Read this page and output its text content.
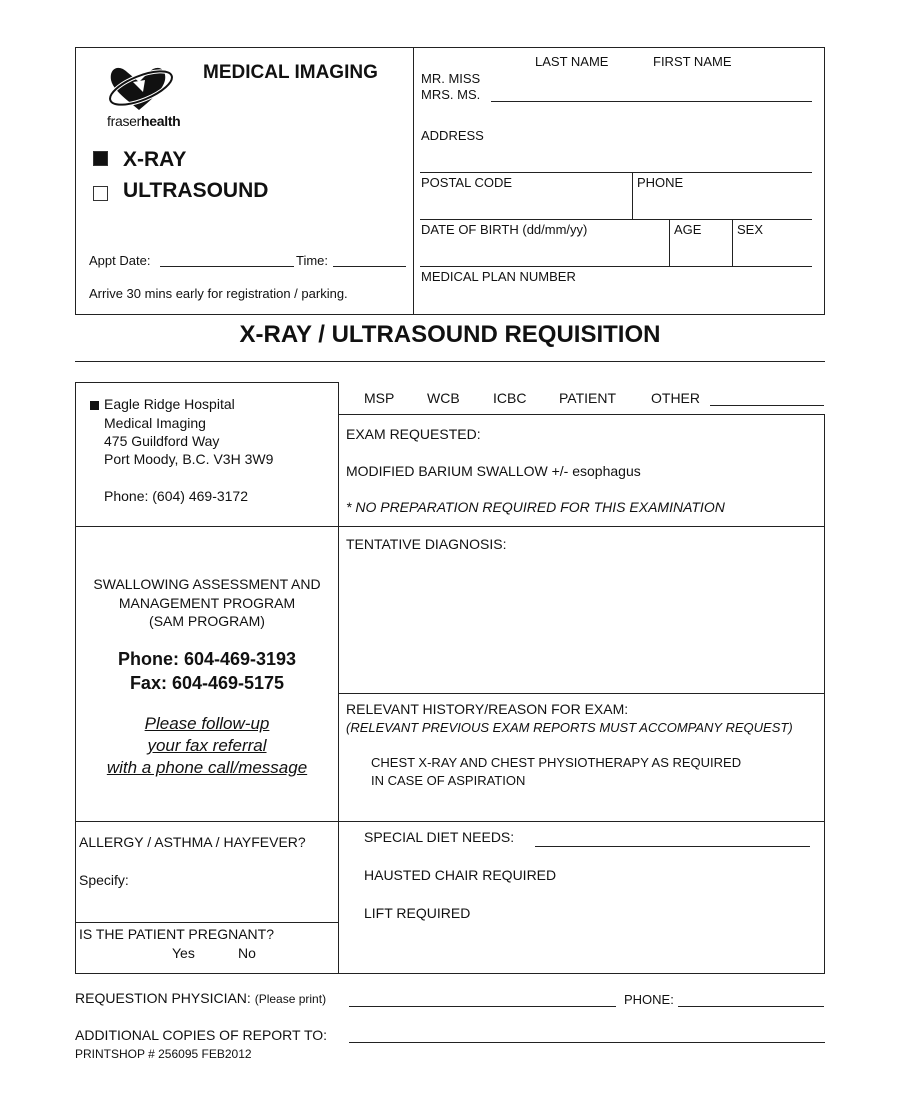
fraserhealth
MEDICAL IMAGING
X-RAY
ULTRASOUND
Appt Date:	Time:
Arrive 30 mins early for registration / parking.
LAST NAME	FIRST NAME
MR. MISS
MRS. MS.
ADDRESS
POSTAL CODE	PHONE
DATE OF BIRTH (dd/mm/yy)	AGE	SEX
MEDICAL PLAN NUMBER
X-RAY / ULTRASOUND REQUISITION
Eagle Ridge Hospital
Medical Imaging
475 Guildford Way
Port Moody, B.C. V3H 3W9
Phone: (604) 469-3172
MSP WCB ICBC PATIENT OTHER
EXAM REQUESTED:
MODIFIED BARIUM SWALLOW +/- esophagus
* NO PREPARATION REQUIRED FOR THIS EXAMINATION
TENTATIVE DIAGNOSIS:
RELEVANT HISTORY/REASON FOR EXAM:
(RELEVANT PREVIOUS EXAM REPORTS MUST ACCOMPANY REQUEST)
CHEST X-RAY AND CHEST PHYSIOTHERAPY AS REQUIRED
IN CASE OF ASPIRATION
SWALLOWING ASSESSMENT AND
MANAGEMENT PROGRAM
(SAM PROGRAM)
Phone: 604-469-3193
Fax: 604-469-5175
Please follow-up
your fax referral
with a phone call/message
ALLERGY / ASTHMA / HAYFEVER?
Specify:
IS THE PATIENT PREGNANT?
Yes	No
SPECIAL DIET NEEDS:
HAUSTED CHAIR REQUIRED
LIFT REQUIRED
REQUESTION PHYSICIAN: (Please print)	PHONE:
ADDITIONAL COPIES OF REPORT TO:
PRINTSHOP # 256095 FEB2012
